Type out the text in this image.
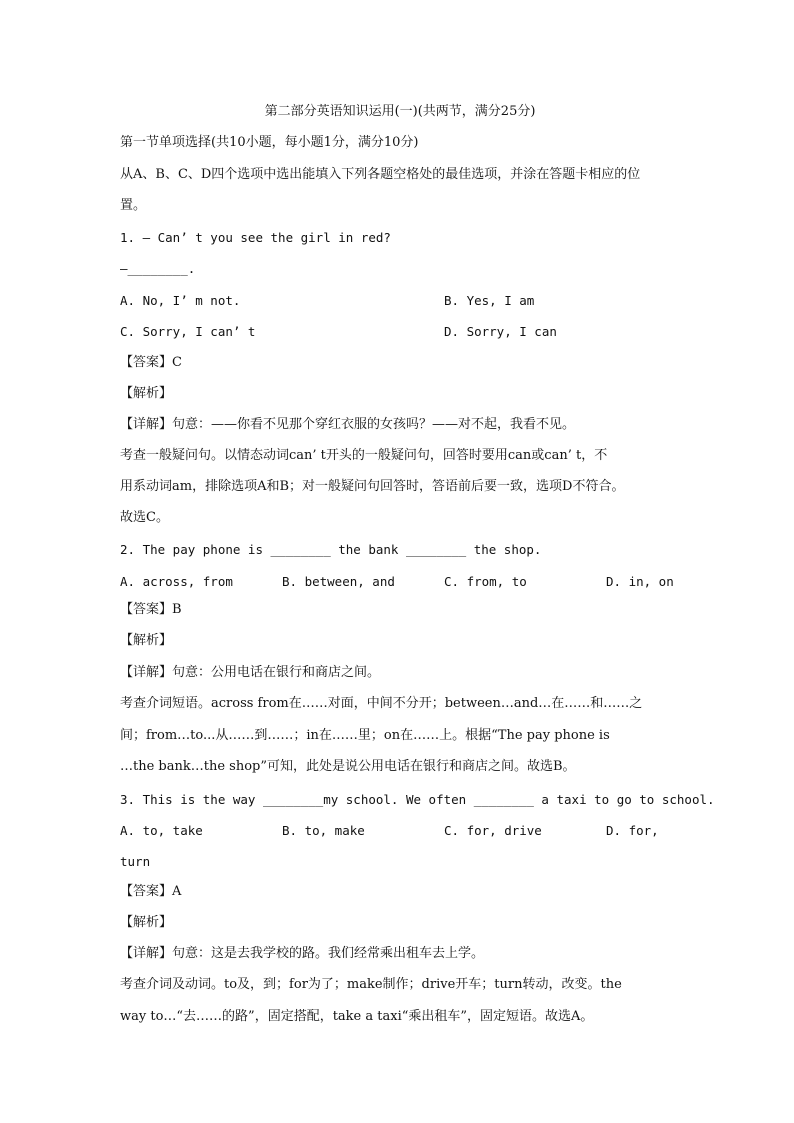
第二部分英语知识运用(一)(共两节，满分25分)
第一节单项选择(共10小题，每小题1分，满分10分)
从A、B、C、D四个选项中选出能填入下列各题空格处的最佳选项，并涂在答题卡相应的位
置。
1. — Can’ t you see the girl in red?
—________.
A. No, I’ m not.	B. Yes, I am
C. Sorry, I can’ t	D. Sorry, I can
【答案】C
【解析】
【详解】句意：——你看不见那个穿红衣服的女孩吗？——对不起，我看不见。
考查一般疑问句。以情态动词can’ t开头的一般疑问句，回答时要用can或can’ t，不
用系动词am，排除选项A和B；对一般疑问句回答时，答语前后要一致，选项D不符合。
故选C。
2. The pay phone is ________ the bank ________ the shop.
A. across, from	B. between, and	C. from, to	D. in, on
【答案】B
【解析】
【详解】句意：公用电话在银行和商店之间。
考查介词短语。across from在……对面，中间不分开；between…and…在……和……之
间；from…to...从……到……；in在……里；on在……上。根据“The pay phone is
…the bank…the shop”可知，此处是说公用电话在银行和商店之间。故选B。
3. This is the way ________my school. We often ________ a taxi to go to school.
A. to, take	B. to, make	C. for, drive	D. for,
turn
【答案】A
【解析】
【详解】句意：这是去我学校的路。我们经常乘出租车去上学。
考查介词及动词。to及，到；for为了；make制作；drive开车；turn转动，改变。the
way to…“去……的路”，固定搭配，take a taxi“乘出租车”，固定短语。故选A。
